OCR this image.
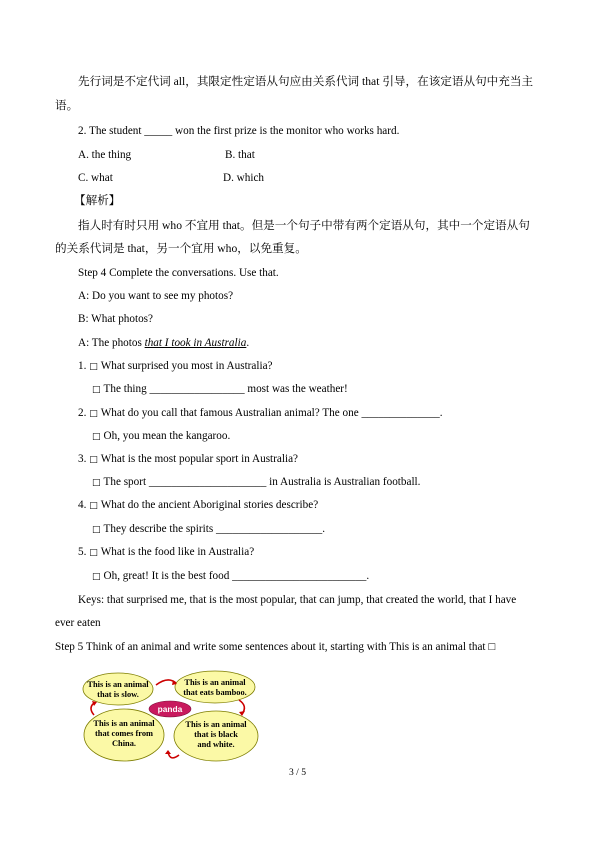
先行词是不定代词 all，其限定性定语从句应由关系代词 that 引导，在该定语从句中充当主
语。
2. The student _____ won the first prize is the monitor who works hard.
A. the thing	B. that
C. what	D. which
【解析】
指人时有时只用 who 不宜用 that。但是一个句子中带有两个定语从句，其中一个定语从句
的关系代词是 that，另一个宜用 who，以免重复。
Step 4 Complete the conversations. Use that.
A: Do you want to see my photos?
B: What photos?
A: The photos that I took in Australia.
1. □ What surprised you most in Australia?
□ The thing _________________ most was the weather!
2. □ What do you call that famous Australian animal? The one ______________.
□ Oh, you mean the kangaroo.
3. □ What is the most popular sport in Australia?
□ The sport _____________________ in Australia is Australian football.
4. □ What do the ancient Aboriginal stories describe?
□ They describe the spirits ___________________.
5. □ What is the food like in Australia?
□ Oh, great! It is the best food ________________________.
Keys: that surprised me, that is the most popular, that can jump, that created the world, that I have
ever eaten
Step 5 Think of an animal and write some sentences about it, starting with This is an animal that □
panda
This is an animal
that is slow.
This is an animal
that eats bamboo.
This is an animal
that comes from
China.
This is an animal
that is black
and white.
3 / 5
